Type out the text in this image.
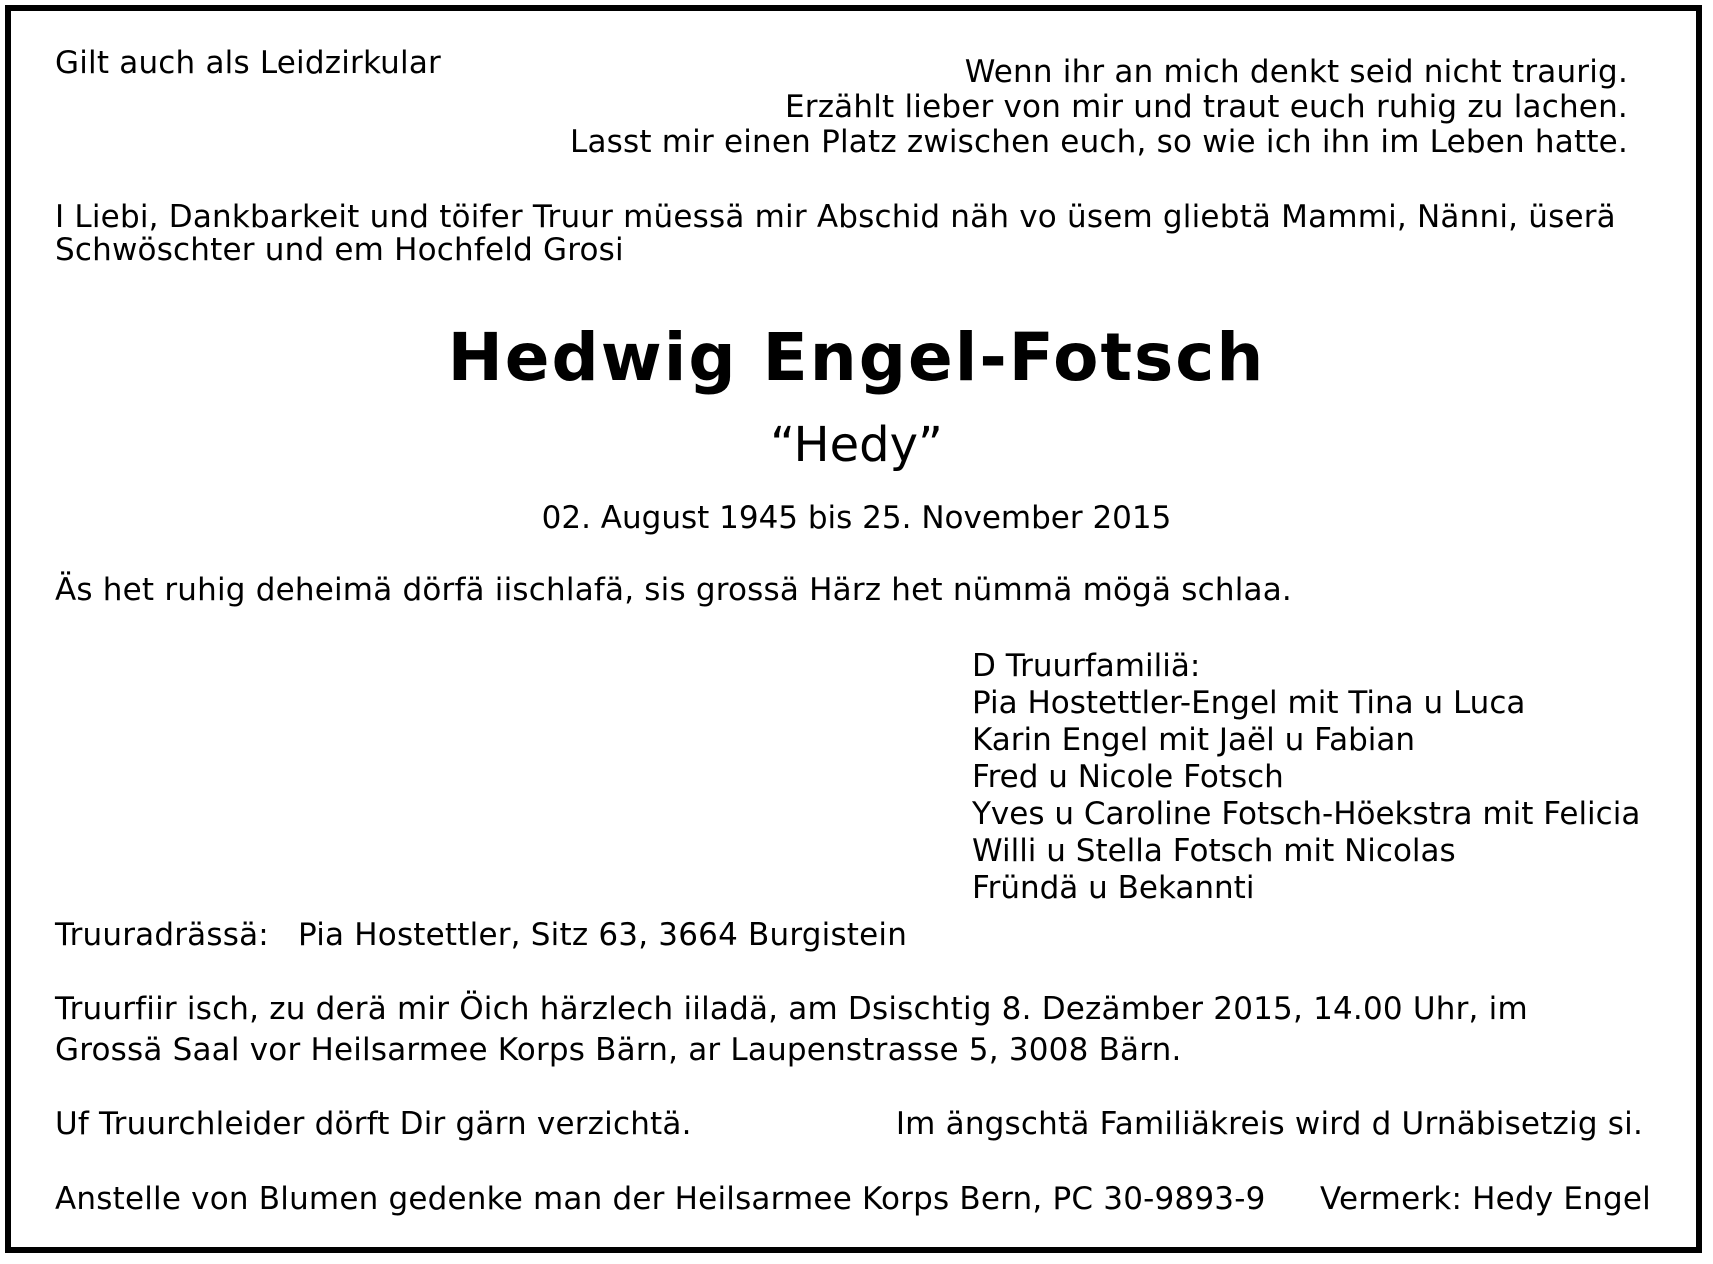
Gilt auch als Leidzirkular	Wenn ihr an mich denkt seid nicht traurig.
Erzählt lieber von mir und traut euch ruhig zu lachen.
Lasst mir einen Platz zwischen euch, so wie ich ihn im Leben hatte.
I Liebi, Dankbarkeit und töifer Truur müessä mir Abschid näh vo üsem gliebtä Mammi, Nänni, üserä
Schwöschter und em Hochfeld Grosi
Hedwig Engel-Fotsch
“Hedy”
02. August 1945 bis 25. November 2015
Äs het ruhig deheimä dörfä iischlafä, sis grossä Härz het nümmä mögä schlaa.
D Truurfamiliä:
Pia Hostettler-Engel mit Tina u Luca
Karin Engel mit Jaël u Fabian
Fred u Nicole Fotsch
Yves u Caroline Fotsch-Höekstra mit Felicia
Willi u Stella Fotsch mit Nicolas
Fründä u Bekannti
Truuradrässä: Pia Hostettler, Sitz 63, 3664 Burgistein
Truurfiir isch, zu derä mir Öich härzlech iiladä, am Dsischtig 8. Dezämber 2015, 14.00 Uhr, im
Grossä Saal vor Heilsarmee Korps Bärn, ar Laupenstrasse 5, 3008 Bärn.
Uf Truurchleider dörft Dir gärn verzichtä.	Im ängschtä Familiäkreis wird d Urnäbisetzig si.
Anstelle von Blumen gedenke man der Heilsarmee Korps Bern, PC 30-9893-9 Vermerk: Hedy Engel
